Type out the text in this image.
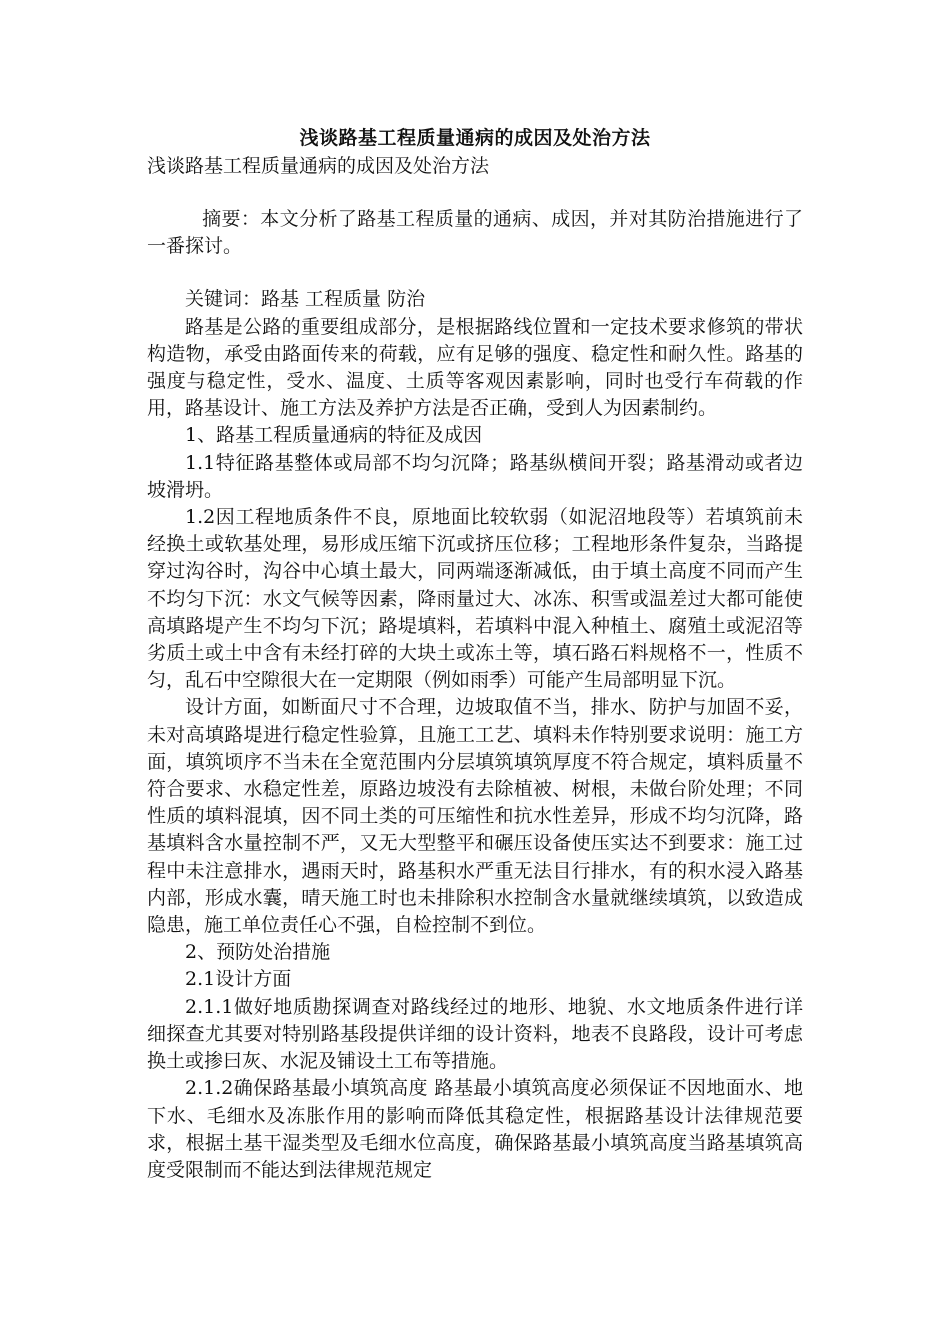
浅谈路基工程质量通病的成因及处治方法

浅谈路基工程质量通病的成因及处治方法

摘要：本文分析了路基工程质量的通病、成因，并对其防治措施进行了一番探讨。

关键词：路基 工程质量 防治

路基是公路的重要组成部分，是根据路线位置和一定技术要求修筑的带状构造物，承受由路面传来的荷载，应有足够的强度、稳定性和耐久性。路基的强度与稳定性，受水、温度、土质等客观因素影响，同时也受行车荷载的作用，路基设计、施工方法及养护方法是否正确，受到人为因素制约。

1、路基工程质量通病的特征及成因

1.1特征路基整体或局部不均匀沉降；路基纵横间开裂；路基滑动或者边坡滑坍。

1.2因工程地质条件不良，原地面比较软弱（如泥沼地段等）若填筑前未经换土或软基处理，易形成压缩下沉或挤压位移；工程地形条件复杂，当路提穿过沟谷时，沟谷中心填土最大，同两端逐渐减低，由于填土高度不同而产生不均匀下沉：水文气候等因素，降雨量过大、冰冻、积雪或温差过大都可能使高填路堤产生不均匀下沉；路堤填料，若填料中混入种植土、腐殖土或泥沼等劣质土或土中含有未经打碎的大块土或冻土等，填石路石料规格不一，性质不匀，乱石中空隙很大在一定期限（例如雨季）可能产生局部明显下沉。

设计方面，如断面尺寸不合理，边坡取值不当，排水、防护与加固不妥，未对高填路堤进行稳定性验算，且施工工艺、填料未作特别要求说明：施工方面，填筑顷序不当未在全宽范围内分层填筑填筑厚度不符合规定，填料质量不符合要求、水稳定性差，原路边坡没有去除植被、树根，未做台阶处理；不同性质的填料混填，因不同土类的可压缩性和抗水性差异，形成不均匀沉降，路基填料含水量控制不严，又无大型整平和碾压设备使压实达不到要求：施工过程中未注意排水，遇雨天时，路基积水严重无法目行排水，有的积水浸入路基内部，形成水囊，晴天施工时也未排除积水控制含水量就继续填筑，以致造成隐患，施工单位责任心不强，自检控制不到位。

2、预防处治措施

2.1设计方面

2.1.1做好地质勘探调查对路线经过的地形、地貌、水文地质条件进行详细探查尤其要对特别路基段提供详细的设计资料，地表不良路段，设计可考虑换土或掺曰灰、水泥及铺设土工布等措施。

2.1.2确保路基最小填筑高度 路基最小填筑高度必须保证不因地面水、地下水、毛细水及冻胀作用的影响而降低其稳定性，根据路基设计法律规范要求，根据土基干湿类型及毛细水位高度，确保路基最小填筑高度当路基填筑高度受限制而不能达到法律规范规定
